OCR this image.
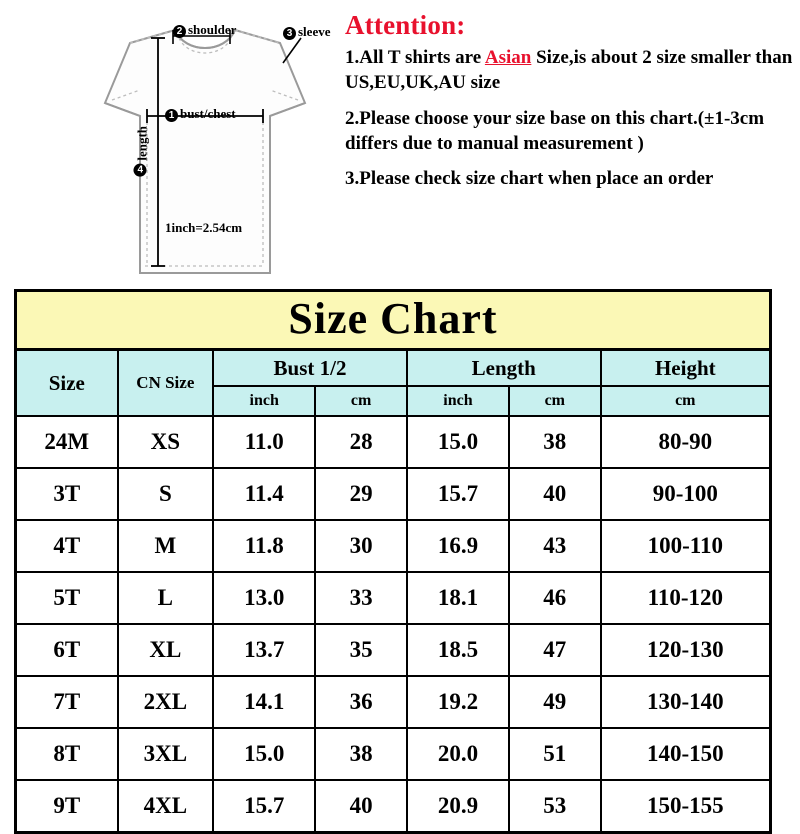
2 shoulder	3 sleeve
1 bust/chest
4length
1inch=2.54cm
Attention:
1.All T shirts are Asian Size,is about 2 size smaller than US,EU,UK,AU size
2.Please choose your size base on this chart.(±1-3cm differs due to manual measurement )
3.Please check size chart when place an order
Size Chart
Size	CN Size	Bust 1/2		Length		Height
		inch	cm	inch	cm	cm
24M	XS	11.0	28	15.0	38	80-90
3T	S	11.4	29	15.7	40	90-100
4T	M	11.8	30	16.9	43	100-110
5T	L	13.0	33	18.1	46	110-120
6T	XL	13.7	35	18.5	47	120-130
7T	2XL	14.1	36	19.2	49	130-140
8T	3XL	15.0	38	20.0	51	140-150
9T	4XL	15.7	40	20.9	53	150-155
